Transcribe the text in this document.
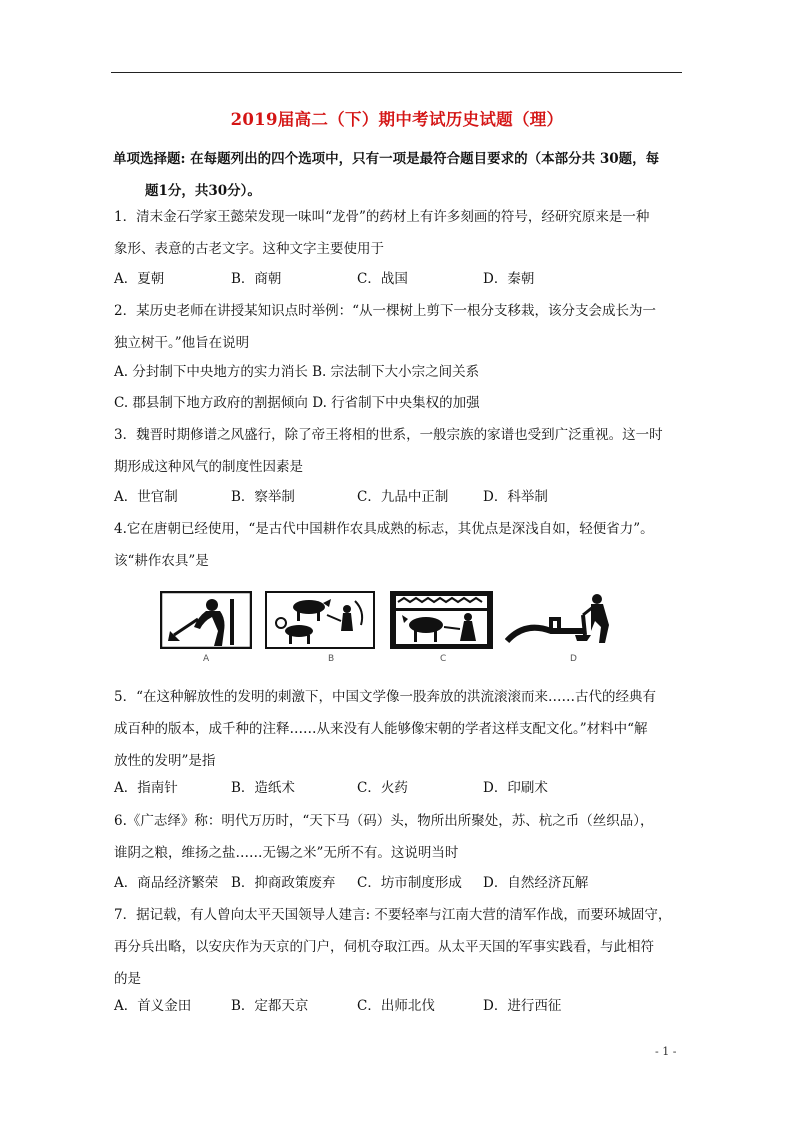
2019届高二（下）期中考试历史试题（理）
单项选择题: 在每题列出的四个选项中，只有一项是最符合题目要求的（本部分共 30题，每
题1分，共30分）。
1．清末金石学家王懿荣发现一味叫“龙骨”的药材上有许多刻画的符号，经研究原来是一种
象形、表意的古老文字。这种文字主要使用于
A．夏朝	B．商朝	C．战国	D．秦朝
2．某历史老师在讲授某知识点时举例：“从一棵树上剪下一根分支移栽，该分支会成长为一
独立树干。”他旨在说明
A. 分封制下中央地方的实力消长 B. 宗法制下大小宗之间关系
C. 郡县制下地方政府的割据倾向 D. 行省制下中央集权的加强
3．魏晋时期修谱之风盛行，除了帝王将相的世系，一般宗族的家谱也受到广泛重视。这一时
期形成这种风气的制度性因素是
A．世官制	B．察举制	C．九品中正制	D．科举制
4.它在唐朝已经使用，“是古代中国耕作农具成熟的标志，其优点是深浅自如，轻便省力”。
该“耕作农具”是
A	B	C	D
5．“在这种解放性的发明的刺激下，中国文学像一股奔放的洪流滚滚而来……古代的经典有
成百种的版本，成千种的注释……从来没有人能够像宋朝的学者这样支配文化。”材料中“解
放性的发明”是指
A．指南针	B．造纸术	C．火药	D．印刷术
6.《广志绎》称：明代万历时，“天下马（码）头，物所出所聚处，苏、杭之币（丝织品），
谁阴之粮，维扬之盐……无锡之米”无所不有。这说明当时
A．商品经济繁荣 B．抑商政策废弃 C．坊市制度形成 D．自然经济瓦解
7．据记载，有人曾向太平天国领导人建言: 不要轻率与江南大营的清军作战，而要环城固守，
再分兵出略，以安庆作为天京的门户，伺机夺取江西。从太平天国的军事实践看，与此相符
的是
A．首义金田	B．定都天京	C．出师北伐	D．进行西征
- 1 -
